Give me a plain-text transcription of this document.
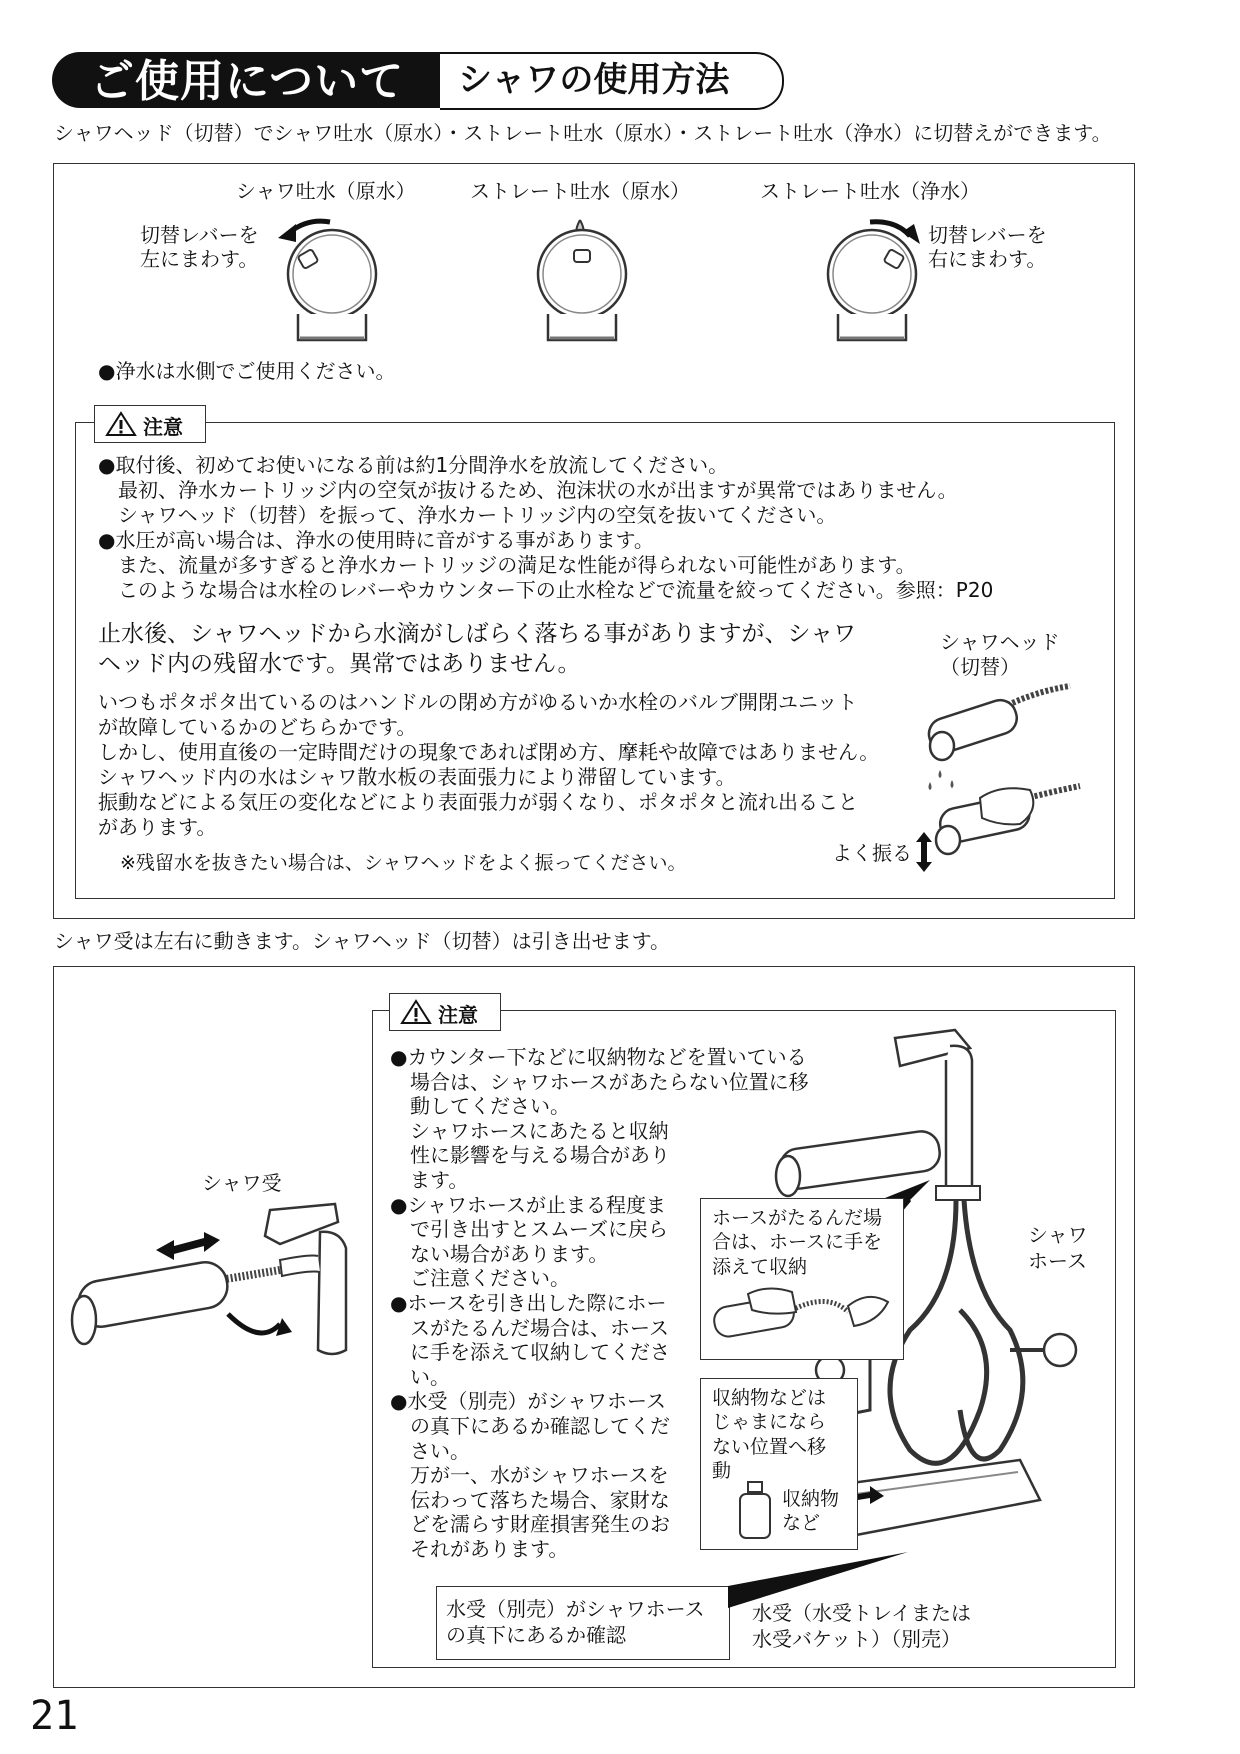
ご使用について シャワの使用方法
シャワヘッド（切替）でシャワ吐水（原水）・ストレート吐水（原水）・ストレート吐水（浄水）に切替えができます。
シャワ吐水（原水）	ストレート吐水（原水）	ストレート吐水（浄水）
切替レバーを
左にまわす。
切替レバーを
右にまわす。
●浄水は水側でご使用ください。
注意
●取付後、初めてお使いになる前は約1分間浄水を放流してください。
　最初、浄水カートリッジ内の空気が抜けるため、泡沫状の水が出ますが異常ではありません。
　シャワヘッド（切替）を振って、浄水カートリッジ内の空気を抜いてください。
●水圧が高い場合は、浄水の使用時に音がする事があります。
　また、流量が多すぎると浄水カートリッジの満足な性能が得られない可能性があります。
　このような場合は水栓のレバーやカウンター下の止水栓などで流量を絞ってください。参照：P20
止水後、シャワヘッドから水滴がしばらく落ちる事がありますが、シャワ
ヘッド内の残留水です。異常ではありません。
いつもポタポタ出ているのはハンドルの閉め方がゆるいか水栓のバルブ開閉ユニット
が故障しているかのどちらかです。
しかし、使用直後の一定時間だけの現象であれば閉め方、摩耗や故障ではありません。
シャワヘッド内の水はシャワ散水板の表面張力により滞留しています。
振動などによる気圧の変化などにより表面張力が弱くなり、ポタポタと流れ出ること
があります。
※残留水を抜きたい場合は、シャワヘッドをよく振ってください。
シャワヘッド
（切替）
よく振る
シャワ受は左右に動きます。シャワヘッド（切替）は引き出せます。
シャワ受
注意
●カウンター下などに収納物などを置いている
　場合は、シャワホースがあたらない位置に移
　動してください。
　シャワホースにあたると収納
　性に影響を与える場合があり
　ます。
●シャワホースが止まる程度ま
　で引き出すとスムーズに戻ら
　ない場合があります。
　ご注意ください。
●ホースを引き出した際にホー
　スがたるんだ場合は、ホース
　に手を添えて収納してくださ
　い。
●水受（別売）がシャワホース
　の真下にあるか確認してくだ
　さい。
　万が一、水がシャワホースを
　伝わって落ちた場合、家財な
　どを濡らす財産損害発生のお
　それがあります。
シャワ
ホース
ホースがたるんだ場
合は、ホースに手を
添えて収納
収納物などは
じゃまになら
ない位置へ移
動
収納物
など
水受（別売）がシャワホース
の真下にあるか確認
水受（水受トレイまたは
水受バケット）（別売）
21
